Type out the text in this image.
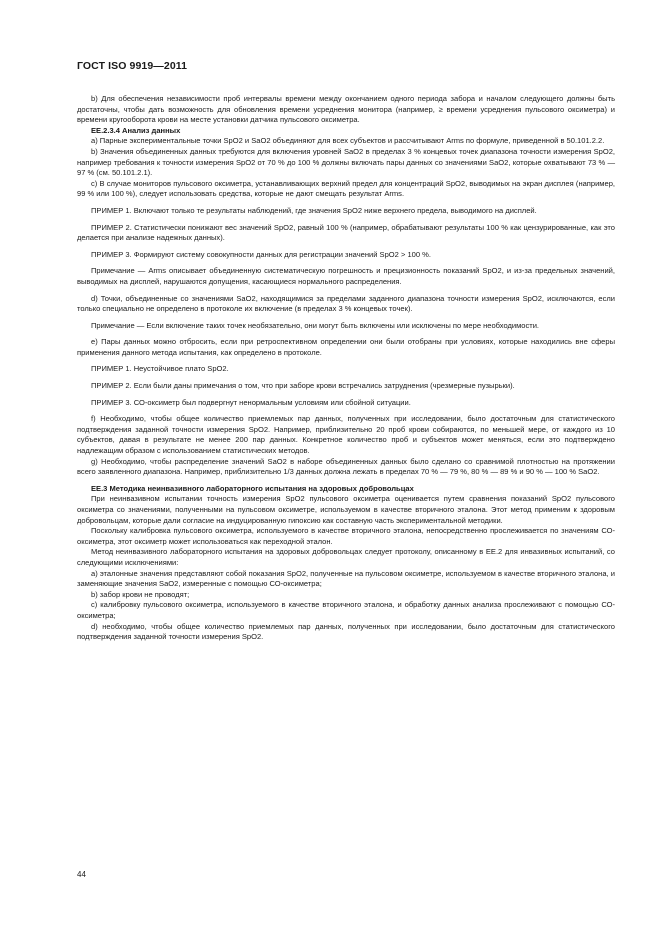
ГОСТ ISO 9919—2011

b) Для обеспечения независимости проб интервалы времени между окончанием одного периода забора и началом следующего должны быть достаточны, чтобы дать возможность для обновления времени усреднения монитора (например, ≥ времени усреднения пульсового оксиметра) и времени кругооборота крови на месте установки датчика пульсового оксиметра.

ЕЕ.2.3.4 Анализ данных

а) Парные экспериментальные точки SpO2 и SaO2 объединяют для всех субъектов и рассчитывают Arms по формуле, приведенной в 50.101.2.2.

b) Значения объединенных данных требуются для включения уровней SaO2 в пределах 3 % концевых точек диапазона точности измерения SpO2, например требования к точности измерения SpO2 от 70 % до 100 % должны включать пары данных со значениями SaO2, которые охватывают 73 % — 97 % (см. 50.101.2.1).

с) В случае мониторов пульсового оксиметра, устанавливающих верхний предел для концентраций SpO2, выводимых на экран дисплея (например, 99 % или 100 %), следует использовать средства, которые не дают смещать результат Arms.

ПРИМЕР 1. Включают только те результаты наблюдений, где значения SpO2 ниже верхнего предела, выводимого на дисплей.

ПРИМЕР 2. Статистически понижают вес значений SpO2, равный 100 % (например, обрабатывают результаты 100 % как цензурированные, как это делается при анализе надежных данных).

ПРИМЕР 3. Формируют систему совокупности данных для регистрации значений SpO2 > 100 %.

Примечание — Arms описывает объединенную систематическую погрешность и прецизионность показаний SpO2, и из-за предельных значений, выводимых на дисплей, нарушаются допущения, касающиеся нормального распределения.

d) Точки, объединенные со значениями SaO2, находящимися за пределами заданного диапазона точности измерения SpO2, исключаются, если только специально не определено в протоколе их включение (в пределах 3 % концевых точек).

Примечание — Если включение таких точек необязательно, они могут быть включены или исключены по мере необходимости.

е) Пары данных можно отбросить, если при ретроспективном определении они были отобраны при условиях, которые находились вне сферы применения данного метода испытания, как определено в протоколе.

ПРИМЕР 1. Неустойчивое плато SpO2.

ПРИМЕР 2. Если были даны примечания о том, что при заборе крови встречались затруднения (чрезмерные пузырьки).

ПРИМЕР 3. СО-оксиметр был подвергнут ненормальным условиям или сбойной ситуации.

f) Необходимо, чтобы общее количество приемлемых пар данных, полученных при исследовании, было достаточным для статистического подтверждения заданной точности измерения SpO2. Например, приблизительно 20 проб крови собираются, по меньшей мере, от каждого из 10 субъектов, давая в результате не менее 200 пар данных. Конкретное количество проб и субъектов может меняться, если это подтверждено надлежащим образом с использованием статистических методов.

g) Необходимо, чтобы распределение значений SaO2 в наборе объединенных данных было сделано со сравнимой плотностью на протяжении всего заявленного диапазона. Например, приблизительно 1/3 данных должна лежать в пределах 70 % — 79 %, 80 % — 89 % и 90 % — 100 % SaO2.

ЕЕ.3 Методика неинвазивного лабораторного испытания на здоровых добровольцах

При неинвазивном испытании точность измерения SpO2 пульсового оксиметра оценивается путем сравнения показаний SpO2 пульсового оксиметра со значениями, полученными на пульсовом оксиметре, используемом в качестве вторичного эталона. Этот метод применим к здоровым добровольцам, которые дали согласие на индуцированную гипоксию как составную часть экспериментальной методики.

Поскольку калибровка пульсового оксиметра, используемого в качестве вторичного эталона, непосредственно прослеживается по значениям СО-оксиметра, этот оксиметр может использоваться как переходной эталон.

Метод неинвазивного лабораторного испытания на здоровых добровольцах следует протоколу, описанному в ЕЕ.2 для инвазивных испытаний, со следующими исключениями:

а) эталонные значения представляют собой показания SpO2, полученные на пульсовом оксиметре, используемом в качестве вторичного эталона, и заменяющие значения SaO2, измеренные с помощью СО-оксиметра;

b) забор крови не проводят;

с) калибровку пульсового оксиметра, используемого в качестве вторичного эталона, и обработку данных анализа прослеживают с помощью СО-оксиметра;

d) необходимо, чтобы общее количество приемлемых пар данных, полученных при исследовании, было достаточным для статистического подтверждения заданной точности измерения SpO2.

44
